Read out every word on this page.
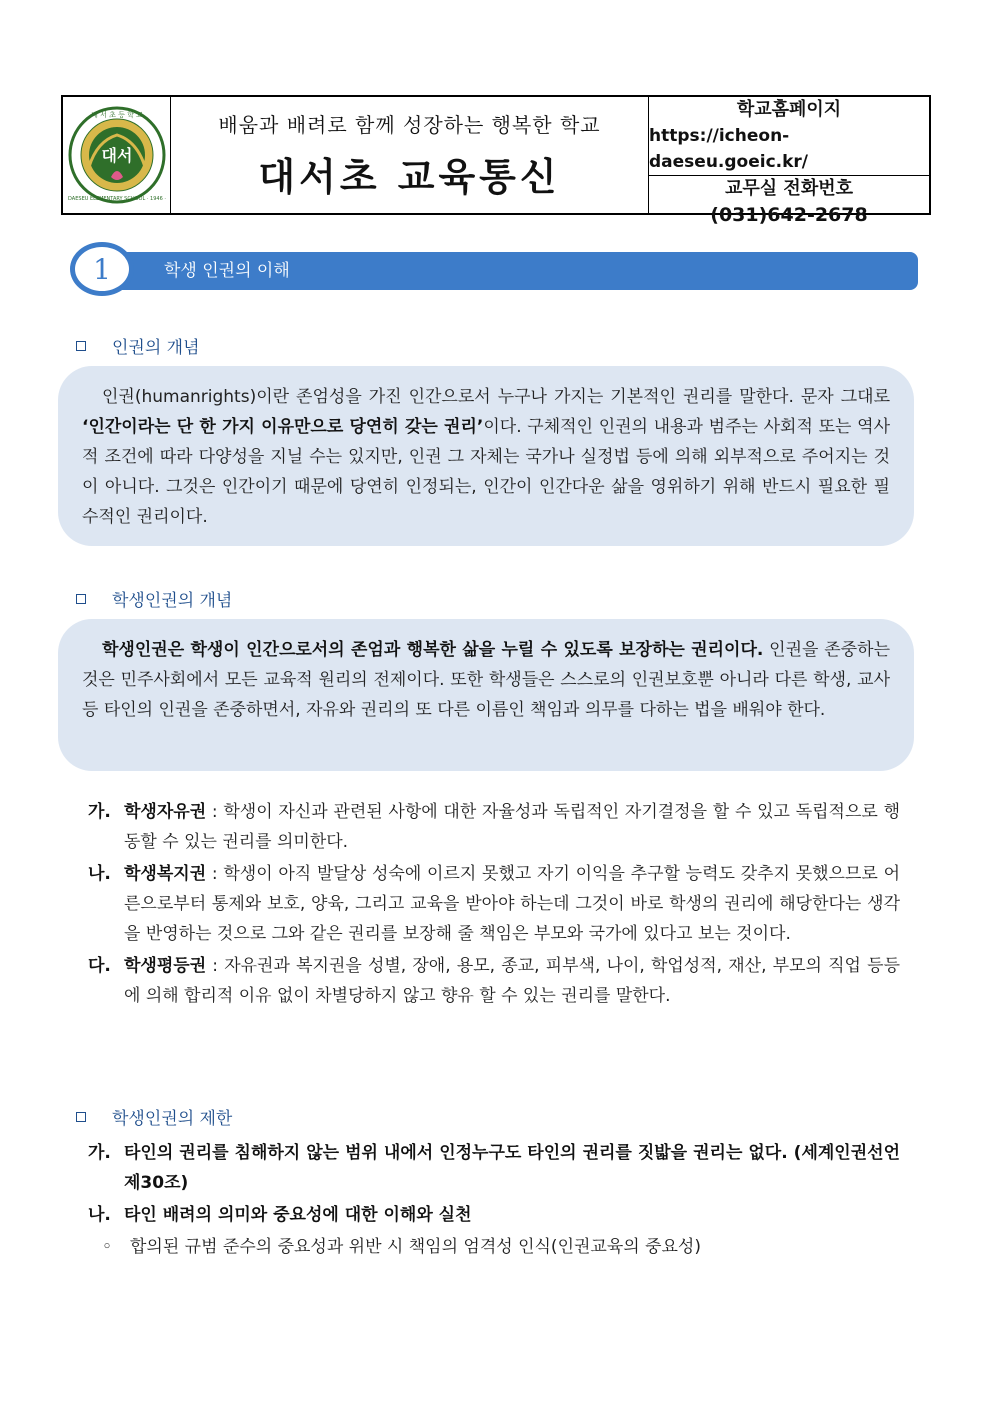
대서
대 서 초 등 학 교
DAESEU ELEMENTARY SCHOOL · 1946 ·
배움과 배려로 함께 성장하는 행복한 학교
대서초 교육통신
학교홈페이지
https://icheon-daeseu.goeic.kr/
교무실 전화번호
(031)642-2678
학생 인권의 이해
1
인권의 개념
인권(humanrights)이란 존엄성을 가진 인간으로서 누구나 가지는 기본적인 권리를 말한다. 문자 그대로 ‘인간이라는 단 한 가지 이유만으로 당연히 갖는 권리’이다. 구체적인 인권의 내용과 범주는 사회적 또는 역사적 조건에 따라 다양성을 지닐 수는 있지만, 인권 그 자체는 국가나 실정법 등에 의해 외부적으로 주어지는 것이 아니다. 그것은 인간이기 때문에 당연히 인정되는, 인간이 인간다운 삶을 영위하기 위해 반드시 필요한 필수적인 권리이다.
학생인권의 개념
학생인권은 학생이 인간으로서의 존엄과 행복한 삶을 누릴 수 있도록 보장하는 권리이다. 인권을 존중하는 것은 민주사회에서 모든 교육적 원리의 전제이다. 또한 학생들은 스스로의 인권보호뿐 아니라 다른 학생, 교사 등 타인의 인권을 존중하면서, 자유와 권리의 또 다른 이름인 책임과 의무를 다하는 법을 배워야 한다.
가. 학생자유권 : 학생이 자신과 관련된 사항에 대한 자율성과 독립적인 자기결정을 할 수 있고 독립적으로 행동할 수 있는 권리를 의미한다.
나. 학생복지권 : 학생이 아직 발달상 성숙에 이르지 못했고 자기 이익을 추구할 능력도 갖추지 못했으므로 어른으로부터 통제와 보호, 양육, 그리고 교육을 받아야 하는데 그것이 바로 학생의 권리에 해당한다는 생각을 반영하는 것으로 그와 같은 권리를 보장해 줄 책임은 부모와 국가에 있다고 보는 것이다.
다. 학생평등권 : 자유권과 복지권을 성별, 장애, 용모, 종교, 피부색, 나이, 학업성적, 재산, 부모의 직업 등등에 의해 합리적 이유 없이 차별당하지 않고 향유 할 수 있는 권리를 말한다.
학생인권의 제한
가. 타인의 권리를 침해하지 않는 범위 내에서 인정누구도 타인의 권리를 짓밟을 권리는 없다. (세계인권선언 제30조)
나. 타인 배려의 의미와 중요성에 대한 이해와 실천
◦	합의된 규범 준수의 중요성과 위반 시 책임의 엄격성 인식(인권교육의 중요성)
